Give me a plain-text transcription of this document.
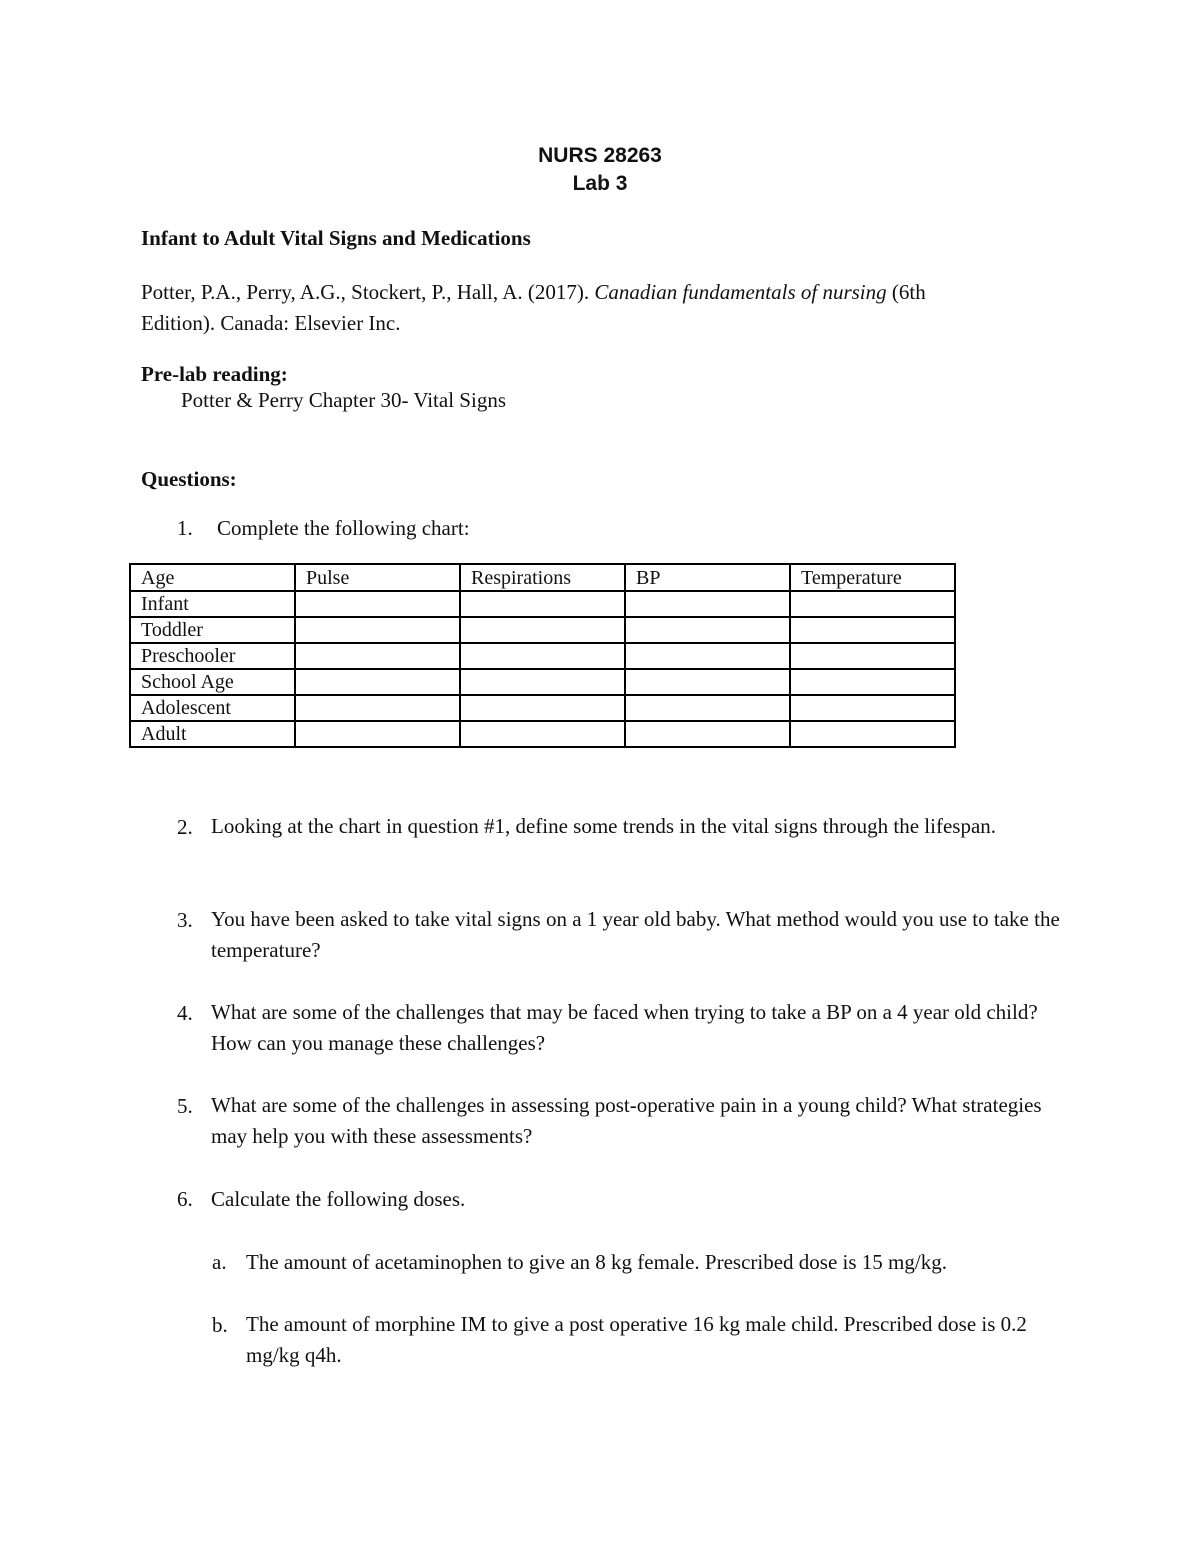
NURS 28263
Lab 3
Infant to Adult Vital Signs and Medications
Potter, P.A., Perry, A.G., Stockert, P., Hall, A. (2017). Canadian fundamentals of nursing (6th
Edition). Canada: Elsevier Inc.
Pre-lab reading:
Potter & Perry Chapter 30- Vital Signs
Questions:
1. Complete the following chart:
Age	Pulse	Respirations	BP	Temperature
Infant				
Toddler				
Preschooler				
School Age				
Adolescent				
Adult				
2. Looking at the chart in question #1, define some trends in the vital signs through the lifespan.
3. You have been asked to take vital signs on a 1 year old baby. What method would you use to take the temperature?
4. What are some of the challenges that may be faced when trying to take a BP on a 4 year old child? How can you manage these challenges?
5. What are some of the challenges in assessing post-operative pain in a young child? What strategies may help you with these assessments?
6. Calculate the following doses.
a. The amount of acetaminophen to give an 8 kg female. Prescribed dose is 15 mg/kg.
b. The amount of morphine IM to give a post operative 16 kg male child. Prescribed dose is 0.2 mg/kg q4h.
